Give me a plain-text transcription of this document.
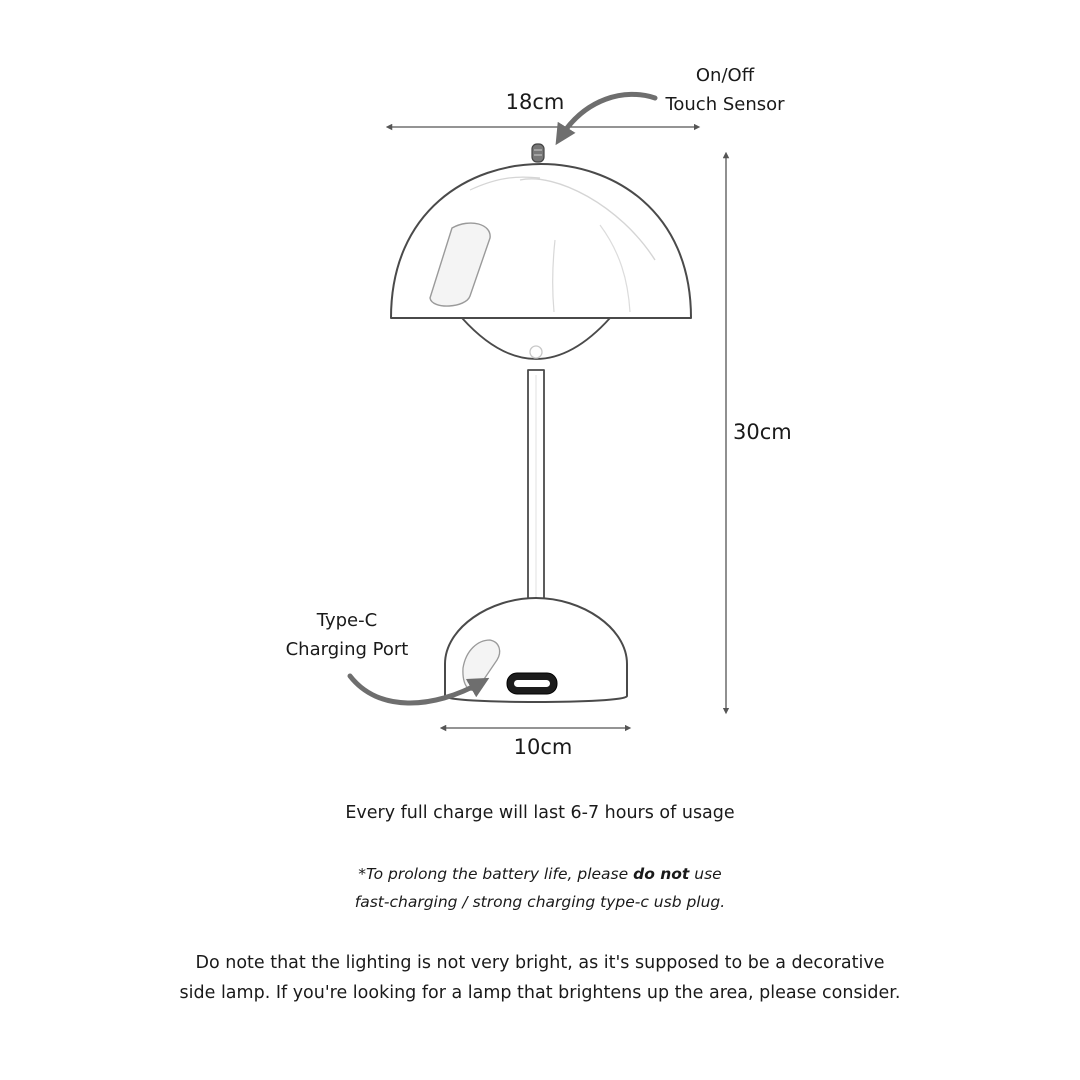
On/Off
Touch Sensor
Type-C
Charging Port
18cm
30cm
10cm
Every full charge will last 6-7 hours of usage
*To prolong the battery life, please do not use
fast-charging / strong charging type-c usb plug.
Do note that the lighting is not very bright, as it's supposed to be a decorative
side lamp. If you're looking for a lamp that brightens up the area, please consider.
